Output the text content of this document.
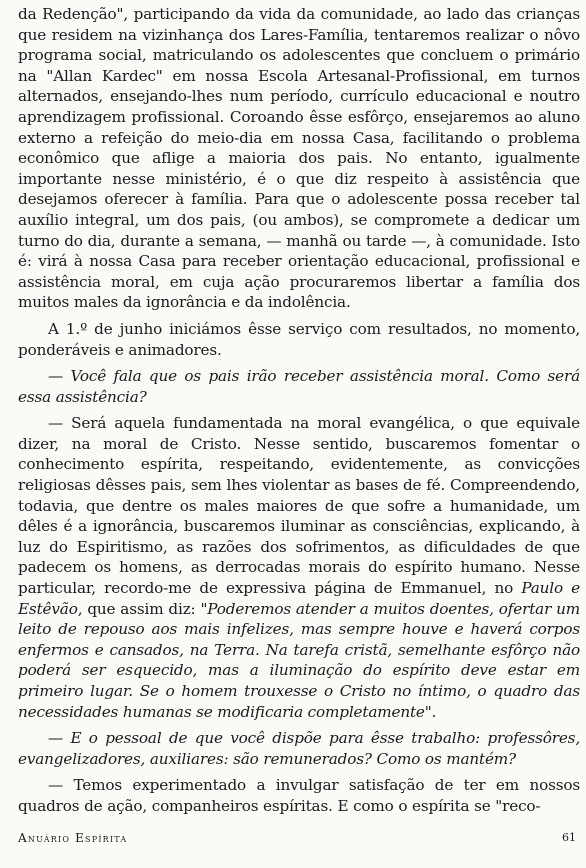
da Redenção", participando da vida da comunidade, ao lado das crianças que residem na vizinhança dos Lares-Família, tentaremos realizar o nôvo programa social, matriculando os adolescentes que concluem o primário na "Allan Kardec" em nossa Escola Artesanal-Profissional, em turnos alternados, ensejando-lhes num período, currículo educacional e noutro aprendizagem profissional. Coroando êsse esfôrço, ensejaremos ao aluno externo a refeição do meio-dia em nossa Casa, facilitando o problema econômico que aflige a maioria dos pais. No entanto, igualmente importante nesse ministério, é o que diz respeito à assistência que desejamos oferecer à família. Para que o adolescente possa receber tal auxílio integral, um dos pais, (ou ambos), se compromete a dedicar um turno do dia, durante a semana, — manhã ou tarde —, à comunidade. Isto é: virá à nossa Casa para receber orientação educacional, profissional e assistência moral, em cuja ação procuraremos libertar a família dos muitos males da ignorância e da indolência.

A 1.º de junho iniciámos êsse serviço com resultados, no momento, ponderáveis e animadores.

— Você fala que os pais irão receber assistência moral. Como será essa assistência?

— Será aquela fundamentada na moral evangélica, o que equivale dizer, na moral de Cristo. Nesse sentido, buscaremos fomentar o conhecimento espírita, respeitando, evidentemente, as convicções religiosas dêsses pais, sem lhes violentar as bases de fé. Compreendendo, todavia, que dentre os males maiores de que sofre a humanidade, um dêles é a ignorância, buscaremos iluminar as consciências, explicando, à luz do Espiritismo, as razões dos sofrimentos, as dificuldades de que padecem os homens, as derrocadas morais do espírito humano. Nesse particular, recordo-me de expressiva página de Emmanuel, no Paulo e Estêvão, que assim diz: "Poderemos atender a muitos doentes, ofertar um leito de repouso aos mais infelizes, mas sempre houve e haverá corpos enfermos e cansados, na Terra. Na tarefa cristã, semelhante esfôrço não poderá ser esquecido, mas a iluminação do espírito deve estar em primeiro lugar. Se o homem trouxesse o Cristo no íntimo, o quadro das necessidades humanas se modificaria completamente".

— E o pessoal de que você dispõe para êsse trabalho: professôres, evangelizadores, auxiliares: são remunerados? Como os mantém?

— Temos experimentado a invulgar satisfação de ter em nossos quadros de ação, companheiros espíritas. E como o espírita se "reco-

Anuário Espírita	61
